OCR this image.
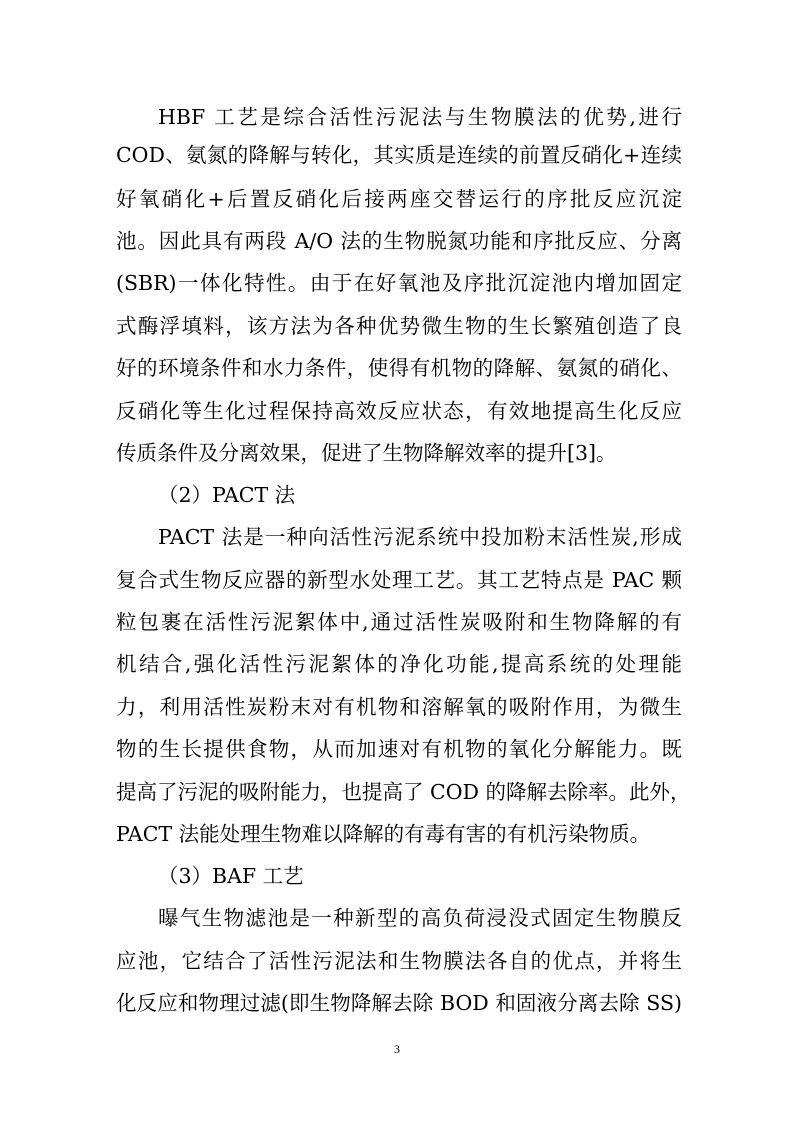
HBF 工艺是综合活性污泥法与生物膜法的优势,进行
COD、氨氮的降解与转化，其实质是连续的前置反硝化+连续
好氧硝化+后置反硝化后接两座交替运行的序批反应沉淀
池。因此具有两段 A/O 法的生物脱氮功能和序批反应、分离
(SBR)一体化特性。由于在好氧池及序批沉淀池内增加固定
式酶浮填料，该方法为各种优势微生物的生长繁殖创造了良
好的环境条件和水力条件，使得有机物的降解、氨氮的硝化、
反硝化等生化过程保持高效反应状态，有效地提高生化反应
传质条件及分离效果，促进了生物降解效率的提升[3]。
（2）PACT 法
PACT 法是一种向活性污泥系统中投加粉末活性炭,形成
复合式生物反应器的新型水处理工艺。其工艺特点是 PAC 颗
粒包裹在活性污泥絮体中,通过活性炭吸附和生物降解的有
机结合,强化活性污泥絮体的净化功能,提高系统的处理能
力，利用活性炭粉末对有机物和溶解氧的吸附作用，为微生
物的生长提供食物，从而加速对有机物的氧化分解能力。既
提高了污泥的吸附能力，也提高了 COD 的降解去除率。此外，
PACT 法能处理生物难以降解的有毒有害的有机污染物质。
（3）BAF 工艺
曝气生物滤池是一种新型的高负荷浸没式固定生物膜反
应池，它结合了活性污泥法和生物膜法各自的优点，并将生
化反应和物理过滤(即生物降解去除 BOD 和固液分离去除 SS)
3
